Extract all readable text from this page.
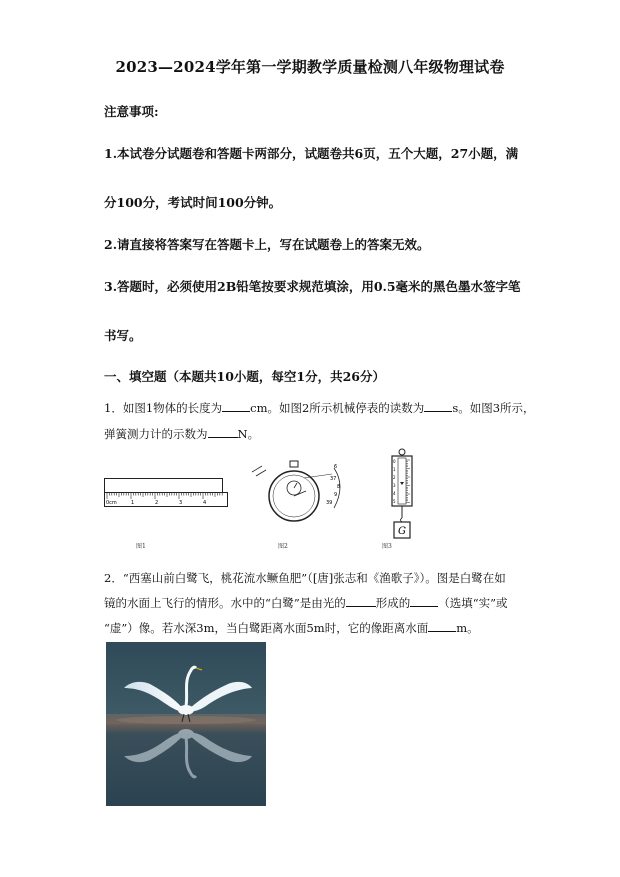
2023—2024学年第一学期教学质量检测八年级物理试卷
注意事项:
1.本试卷分试题卷和答题卡两部分，试题卷共6页，五个大题，27小题，满
分100分，考试时间100分钟。
2.请直接将答案写在答题卡上，写在试题卷上的答案无效。
3.答题时，必须使用2B铅笔按要求规范填涂，用0.5毫米的黑色墨水签字笔
书写。
一、填空题（本题共10小题，每空1分，共26分）
1．如图1物体的长度为 cm。如图2所示机械停表的读数为 s。如图3所示，
弹簧测力计的示数为	N。
0cm	1	2	3	4
6
37
8
9
39
0
1
2
3
4
5
G
图1	图2	图3
2．“西塞山前白鹭飞，桃花流水鳜鱼肥”（[唐]张志和《渔歌子》）。图是白鹭在如
镜的水面上飞行的情形。水中的“白鹭”是由光的	形成的 （选填“实”或
“虚”）像。若水深3m，当白鹭距离水面5m时，它的像距离水面 m。
